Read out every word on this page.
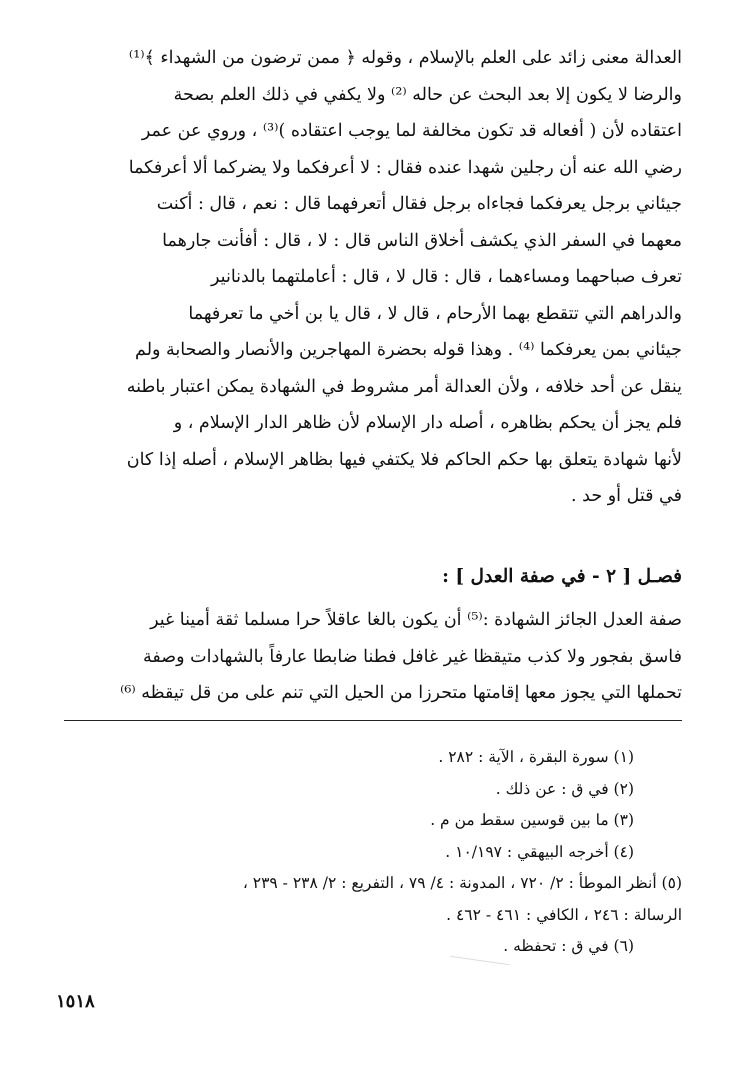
العدالة معنى زائد على العلم بالإسلام ، وقوله ﴿ ممن ترضون من الشهداء ﴾⁽¹⁾
والرضا لا يكون إلا بعد البحث عن حاله ⁽²⁾ ولا يكفي في ذلك العلم بصحة
اعتقاده لأن ( أفعاله قد تكون مخالفة لما يوجب اعتقاده )⁽³⁾ ، وروي عن عمر
رضي الله عنه أن رجلين شهدا عنده فقال : لا أعرفكما ولا يضركما ألا أعرفكما
جيئاني برجل يعرفكما فجاءاه برجل فقال أتعرفهما قال : نعم ، قال : أكنت
معهما في السفر الذي يكشف أخلاق الناس قال : لا ، قال : أفأنت جارهما
تعرف صباحهما ومساءهما ، قال : قال لا ، قال : أعاملتهما بالدنانير
والدراهم التي تتقطع بهما الأرحام ، قال لا ، قال يا بن أخي ما تعرفهما
جيئاني بمن يعرفكما ⁽⁴⁾ . وهذا قوله بحضرة المهاجرين والأنصار والصحابة ولم
ينقل عن أحد خلافه ، ولأن العدالة أمر مشروط في الشهادة يمكن اعتبار باطنه
فلم يجز أن يحكم بظاهره ، أصله دار الإسلام لأن ظاهر الدار الإسلام ، و
لأنها شهادة يتعلق بها حكم الحاكم فلا يكتفي فيها بظاهر الإسلام ، أصله إذا كان
في قتل أو حد .
فصـل [ ٢ - في صفة العدل ] :
صفة العدل الجائز الشهادة :⁽⁵⁾ أن يكون بالغا عاقلاً حرا مسلما ثقة أمينا غير
فاسق بفجور ولا كذب متيقظا غير غافل فطنا ضابطا عارفاً بالشهادات وصفة
تحملها التي يجوز معها إقامتها متحرزا من الحيل التي تنم على من قل تيقظه ⁽⁶⁾
(١) سورة البقرة ، الآية : ٢٨٢ .
(٢) في ق : عن ذلك .
(٣) ما بين قوسين سقط من م .
(٤) أخرجه البيهقي : ١٠/١٩٧ .
(٥) أنظر الموطأ : ٢/ ٧٢٠ ، المدونة : ٤/ ٧٩ ، التفريع : ٢/ ٢٣٨ - ٢٣٩ ،
الرسالة : ٢٤٦ ، الكافي : ٤٦١ - ٤٦٢ .
(٦) في ق : تحفظه .
١٥١٨
